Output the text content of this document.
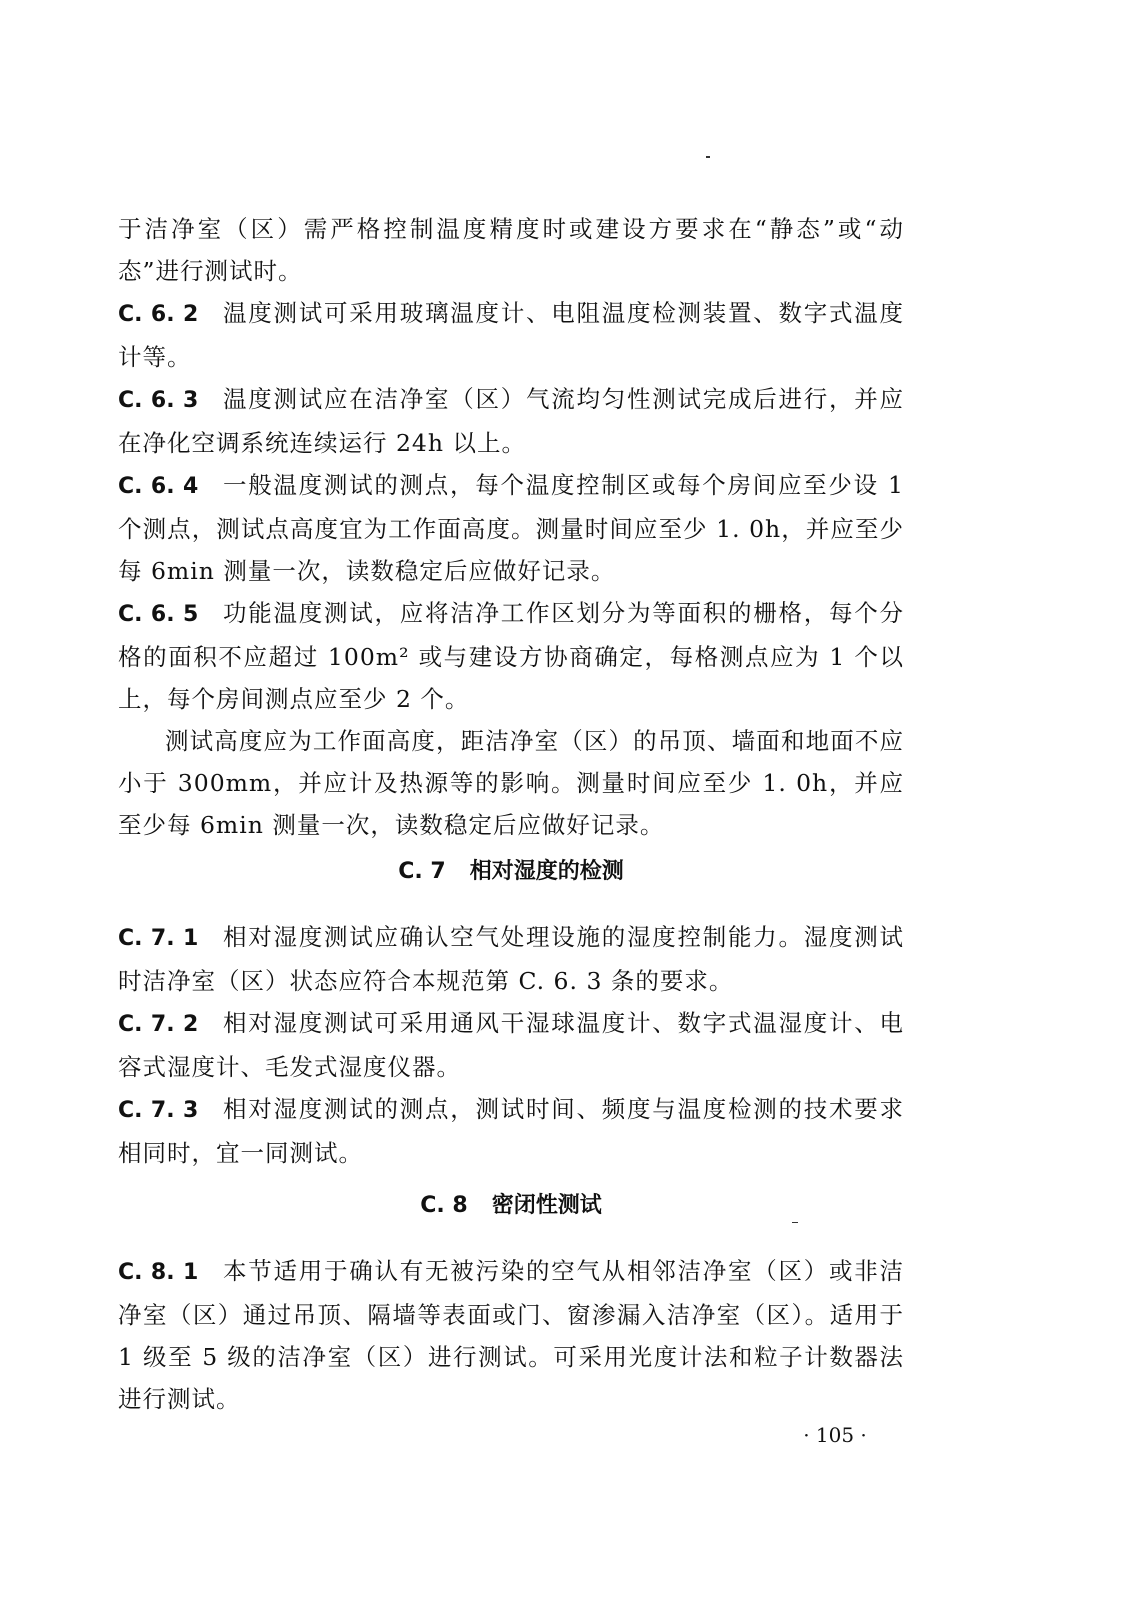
于洁净室（区）需严格控制温度精度时或建设方要求在“静态”或“动态”进行测试时。

C. 6. 2 温度测试可采用玻璃温度计、电阻温度检测装置、数字式温度计等。

C. 6. 3 温度测试应在洁净室（区）气流均匀性测试完成后进行，并应在净化空调系统连续运行 24h 以上。

C. 6. 4 一般温度测试的测点，每个温度控制区或每个房间应至少设 1 个测点，测试点高度宜为工作面高度。测量时间应至少 1. 0h，并应至少每 6min 测量一次，读数稳定后应做好记录。

C. 6. 5 功能温度测试，应将洁净工作区划分为等面积的栅格，每个分格的面积不应超过 100m² 或与建设方协商确定，每格测点应为 1 个以上，每个房间测点应至少 2 个。

测试高度应为工作面高度，距洁净室（区）的吊顶、墙面和地面不应小于 300mm，并应计及热源等的影响。测量时间应至少 1. 0h，并应至少每 6min 测量一次，读数稳定后应做好记录。

C. 7 相对湿度的检测

C. 7. 1 相对湿度测试应确认空气处理设施的湿度控制能力。湿度测试时洁净室（区）状态应符合本规范第 C. 6. 3 条的要求。

C. 7. 2 相对湿度测试可采用通风干湿球温度计、数字式温湿度计、电容式湿度计、毛发式湿度仪器。

C. 7. 3 相对湿度测试的测点，测试时间、频度与温度检测的技术要求相同时，宜一同测试。

C. 8 密闭性测试

C. 8. 1 本节适用于确认有无被污染的空气从相邻洁净室（区）或非洁净室（区）通过吊顶、隔墙等表面或门、窗渗漏入洁净室（区）。适用于 1 级至 5 级的洁净室（区）进行测试。可采用光度计法和粒子计数器法进行测试。

· 105 ·
